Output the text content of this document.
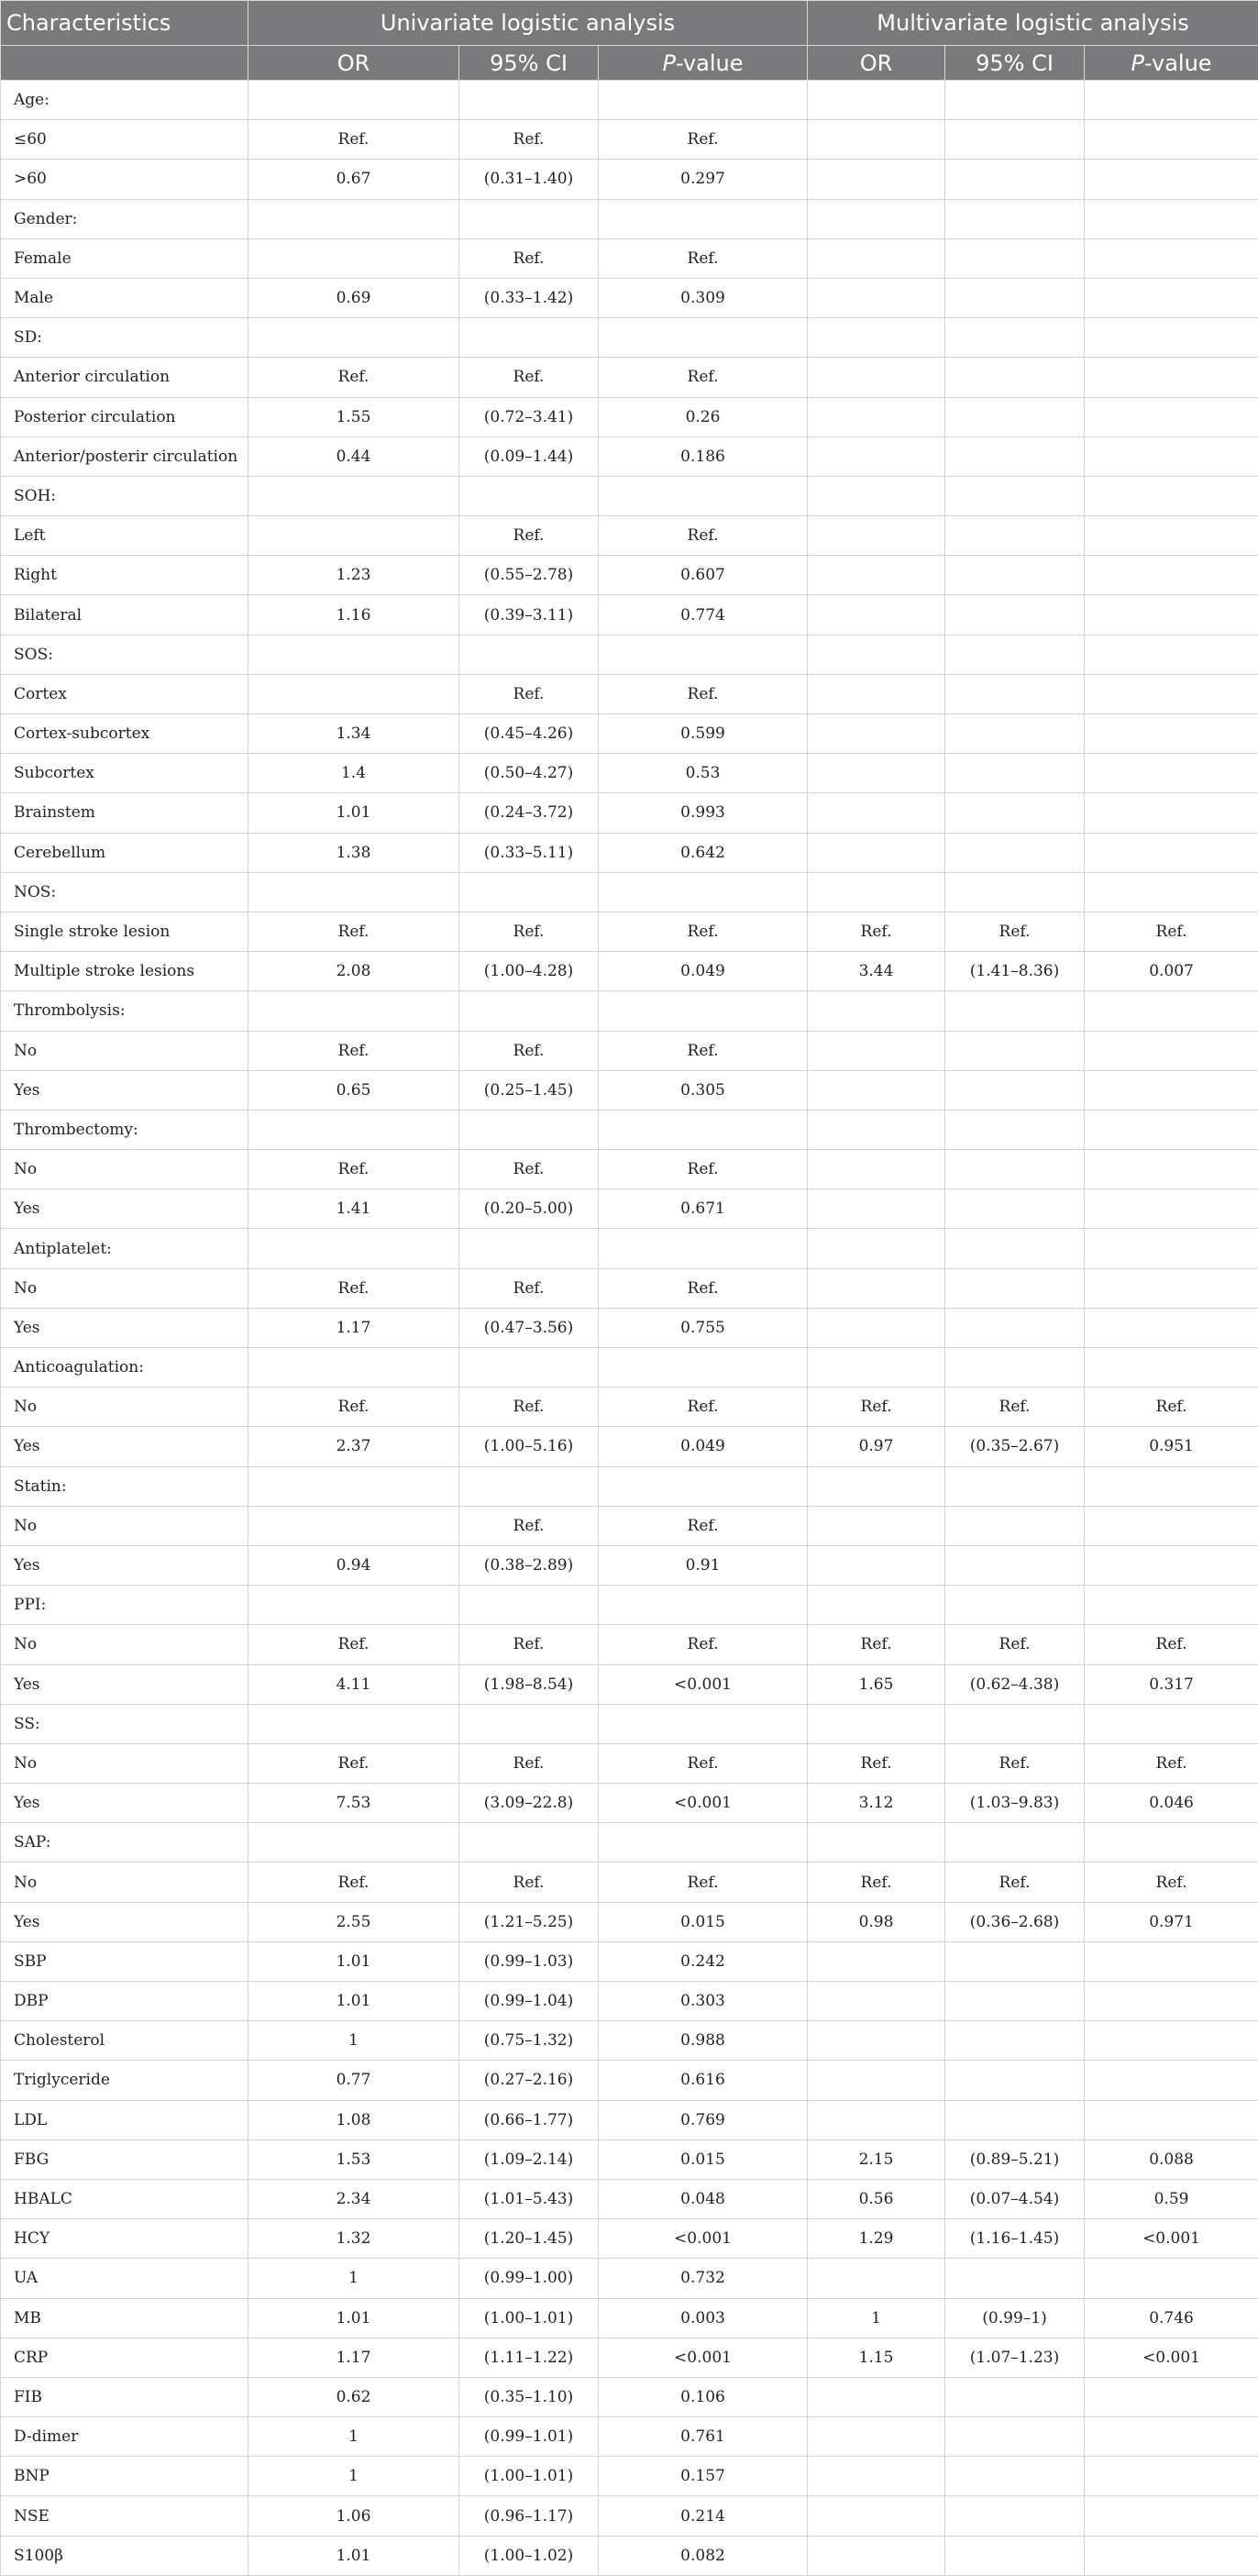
Characteristics	Univariate logistic analysis			Multivariate logistic analysis		
	OR	95% CI	P-value	OR	95% CI	P-value
Age:						
≤60	Ref.	Ref.	Ref.			
>60	0.67	(0.31–1.40)	0.297			
Gender:						
Female		Ref.	Ref.			
Male	0.69	(0.33–1.42)	0.309			
SD:						
Anterior circulation	Ref.	Ref.	Ref.			
Posterior circulation	1.55	(0.72–3.41)	0.26			
Anterior/posterir circulation	0.44	(0.09–1.44)	0.186			
SOH:						
Left		Ref.	Ref.			
Right	1.23	(0.55–2.78)	0.607			
Bilateral	1.16	(0.39–3.11)	0.774			
SOS:						
Cortex		Ref.	Ref.			
Cortex-subcortex	1.34	(0.45–4.26)	0.599			
Subcortex	1.4	(0.50–4.27)	0.53			
Brainstem	1.01	(0.24–3.72)	0.993			
Cerebellum	1.38	(0.33–5.11)	0.642			
NOS:						
Single stroke lesion	Ref.	Ref.	Ref.	Ref.	Ref.	Ref.
Multiple stroke lesions	2.08	(1.00–4.28)	0.049	3.44	(1.41–8.36)	0.007
Thrombolysis:						
No	Ref.	Ref.	Ref.			
Yes	0.65	(0.25–1.45)	0.305			
Thrombectomy:						
No	Ref.	Ref.	Ref.			
Yes	1.41	(0.20–5.00)	0.671			
Antiplatelet:						
No	Ref.	Ref.	Ref.			
Yes	1.17	(0.47–3.56)	0.755			
Anticoagulation:						
No	Ref.	Ref.	Ref.	Ref.	Ref.	Ref.
Yes	2.37	(1.00–5.16)	0.049	0.97	(0.35–2.67)	0.951
Statin:						
No		Ref.	Ref.			
Yes	0.94	(0.38–2.89)	0.91			
PPI:						
No	Ref.	Ref.	Ref.	Ref.	Ref.	Ref.
Yes	4.11	(1.98–8.54)	<0.001	1.65	(0.62–4.38)	0.317
SS:						
No	Ref.	Ref.	Ref.	Ref.	Ref.	Ref.
Yes	7.53	(3.09–22.8)	<0.001	3.12	(1.03–9.83)	0.046
SAP:						
No	Ref.	Ref.	Ref.	Ref.	Ref.	Ref.
Yes	2.55	(1.21–5.25)	0.015	0.98	(0.36–2.68)	0.971
SBP	1.01	(0.99–1.03)	0.242			
DBP	1.01	(0.99–1.04)	0.303			
Cholesterol	1	(0.75–1.32)	0.988			
Triglyceride	0.77	(0.27–2.16)	0.616			
LDL	1.08	(0.66–1.77)	0.769			
FBG	1.53	(1.09–2.14)	0.015	2.15	(0.89–5.21)	0.088
HBALC	2.34	(1.01–5.43)	0.048	0.56	(0.07–4.54)	0.59
HCY	1.32	(1.20–1.45)	<0.001	1.29	(1.16–1.45)	<0.001
UA	1	(0.99–1.00)	0.732			
MB	1.01	(1.00–1.01)	0.003	1	(0.99–1)	0.746
CRP	1.17	(1.11–1.22)	<0.001	1.15	(1.07–1.23)	<0.001
FIB	0.62	(0.35–1.10)	0.106			
D-dimer	1	(0.99–1.01)	0.761			
BNP	1	(1.00–1.01)	0.157			
NSE	1.06	(0.96–1.17)	0.214			
S100β	1.01	(1.00–1.02)	0.082			
